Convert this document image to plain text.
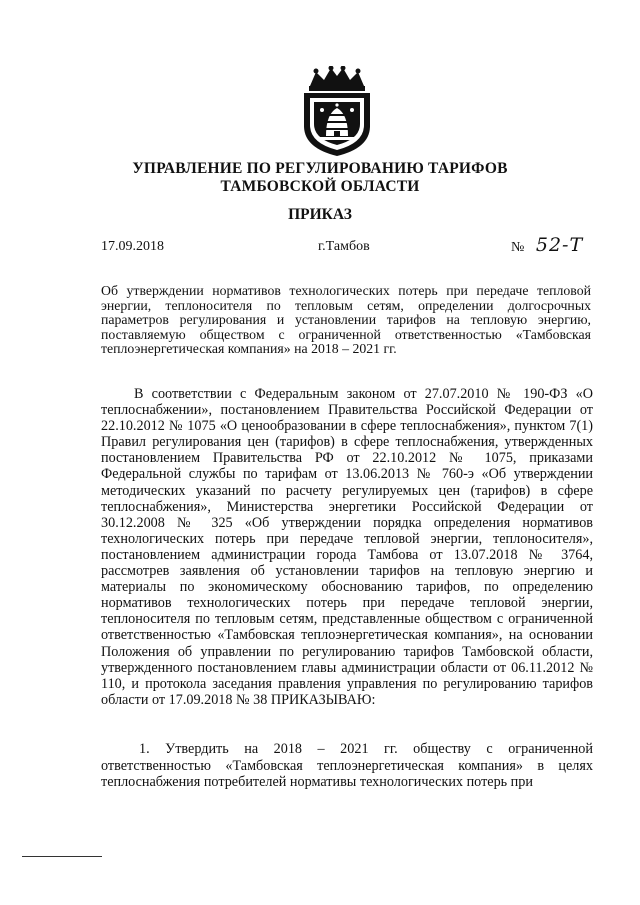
УПРАВЛЕНИЕ ПО РЕГУЛИРОВАНИЮ ТАРИФОВ
ТАМБОВСКОЙ ОБЛАСТИ
ПРИКАЗ
17.09.2018	г.Тамбов	№ 52-Т
Об утверждении нормативов технологических потерь при передаче тепловой энергии, теплоносителя по тепловым сетям, определении долгосрочных параметров регулирования и установлении тарифов на тепловую энергию, поставляемую обществом с ограниченной ответственностью «Тамбовская теплоэнергетическая компания» на 2018 – 2021 гг.

В соответствии с Федеральным законом от 27.07.2010 № 190-ФЗ «О теплоснабжении», постановлением Правительства Российской Федерации от 22.10.2012 № 1075 «О ценообразовании в сфере теплоснабжения», пунктом 7(1) Правил регулирования цен (тарифов) в сфере теплоснабжения, утвержденных постановлением Правительства РФ от 22.10.2012 № 1075, приказами Федеральной службы по тарифам от 13.06.2013 № 760-э «Об утверждении методических указаний по расчету регулируемых цен (тарифов) в сфере теплоснабжения», Министерства энергетики Российской Федерации от 30.12.2008 № 325 «Об утверждении порядка определения нормативов технологических потерь при передаче тепловой энергии, теплоносителя», постановлением администрации города Тамбова от 13.07.2018 № 3764, рассмотрев заявления об установлении тарифов на тепловую энергию и материалы по экономическому обоснованию тарифов, по определению нормативов технологических потерь при передаче тепловой энергии, теплоносителя по тепловым сетям, представленные обществом с ограниченной ответственностью «Тамбовская теплоэнергетическая компания», на основании Положения об управлении по регулированию тарифов Тамбовской области, утвержденного постановлением главы администрации области от 06.11.2012 № 110, и протокола заседания правления управления по регулированию тарифов области от 17.09.2018 № 38 ПРИКАЗЫВАЮ:

1. Утвердить на 2018 – 2021 гг. обществу с ограниченной ответственностью «Тамбовская теплоэнергетическая компания» в целях теплоснабжения потребителей нормативы технологических потерь при
